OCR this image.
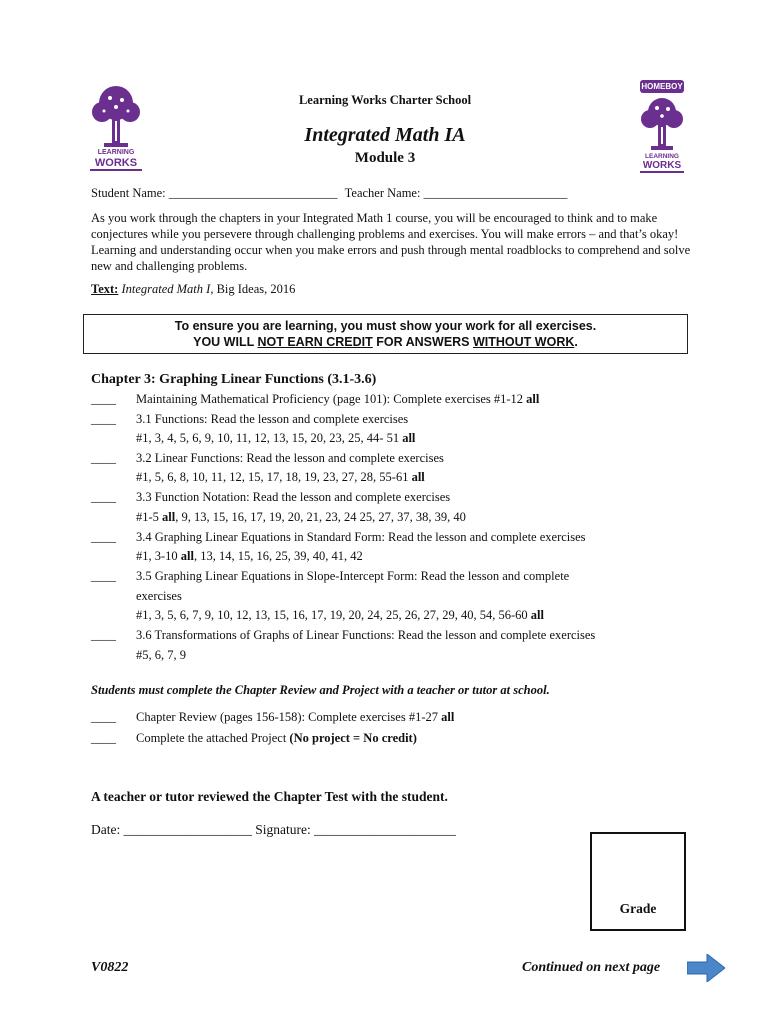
LEARNING
WORKS
HOMEBOY
LEARNING
WORKS
Learning Works Charter School
Integrated Math IA
Module 3
Student Name: ___________________________ Teacher Name: _______________________
As you work through the chapters in your Integrated Math 1 course, you will be encouraged to think and to make conjectures while you persevere through challenging problems and exercises. You will make errors – and that’s okay! Learning and understanding occur when you make errors and push through mental roadblocks to comprehend and solve new and challenging problems.
Text: Integrated Math I, Big Ideas, 2016
To ensure you are learning, you must show your work for all exercises.
YOU WILL NOT EARN CREDIT FOR ANSWERS WITHOUT WORK.
Chapter 3: Graphing Linear Functions (3.1-3.6)
____ Maintaining Mathematical Proficiency (page 101): Complete exercises #1-12 all
____ 3.1 Functions: Read the lesson and complete exercises
#1, 3, 4, 5, 6, 9, 10, 11, 12, 13, 15, 20, 23, 25, 44- 51 all
____ 3.2 Linear Functions: Read the lesson and complete exercises
#1, 5, 6, 8, 10, 11, 12, 15, 17, 18, 19, 23, 27, 28, 55-61 all
____ 3.3 Function Notation: Read the lesson and complete exercises
#1-5 all, 9, 13, 15, 16, 17, 19, 20, 21, 23, 24 25, 27, 37, 38, 39, 40
____ 3.4 Graphing Linear Equations in Standard Form: Read the lesson and complete exercises
#1, 3-10 all, 13, 14, 15, 16, 25, 39, 40, 41, 42
____ 3.5 Graphing Linear Equations in Slope-Intercept Form: Read the lesson and complete
exercises
#1, 3, 5, 6, 7, 9, 10, 12, 13, 15, 16, 17, 19, 20, 24, 25, 26, 27, 29, 40, 54, 56-60 all
____ 3.6 Transformations of Graphs of Linear Functions: Read the lesson and complete exercises
#5, 6, 7, 9
Students must complete the Chapter Review and Project with a teacher or tutor at school.
____ Chapter Review (pages 156-158): Complete exercises #1-27 all
____ Complete the attached Project (No project = No credit)
A teacher or tutor reviewed the Chapter Test with the student.
Date: ___________________ Signature: _____________________
Grade
V0822	Continued on next page
